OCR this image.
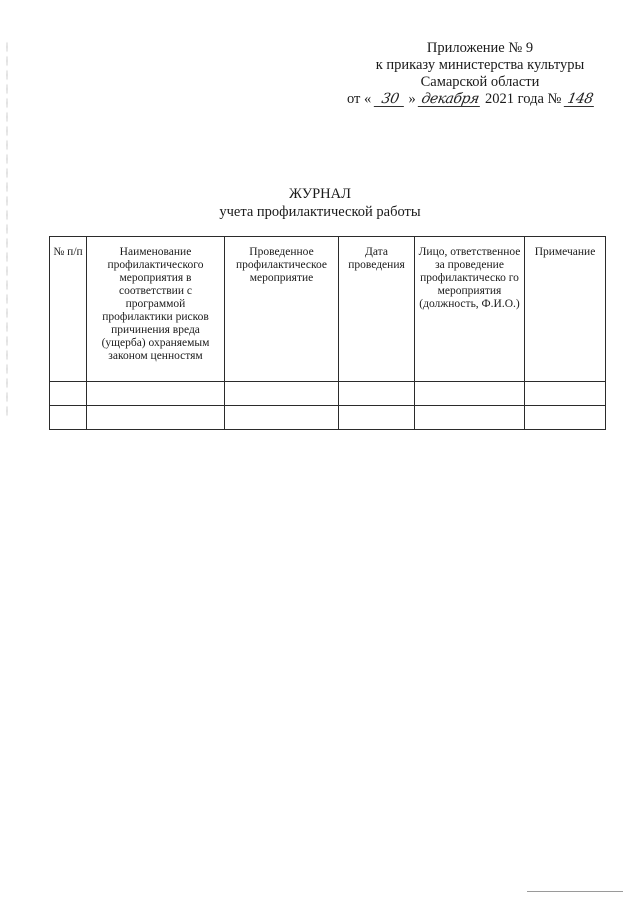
Приложение № 9
к приказу министерства культуры
Самарской области
от « 30 » декабря 2021 года № 148
ЖУРНАЛ
учета профилактической работы
№ п/п	Наименование профилактического мероприятия в соответствии с программой профилактики рисков причинения вреда (ущерба) охраняемым законом ценностям	Проведенное профилактическое мероприятие	Дата проведения	Лицо, ответственное за проведение профилактическо го мероприятия (должность, Ф.И.О.)	Примечание
